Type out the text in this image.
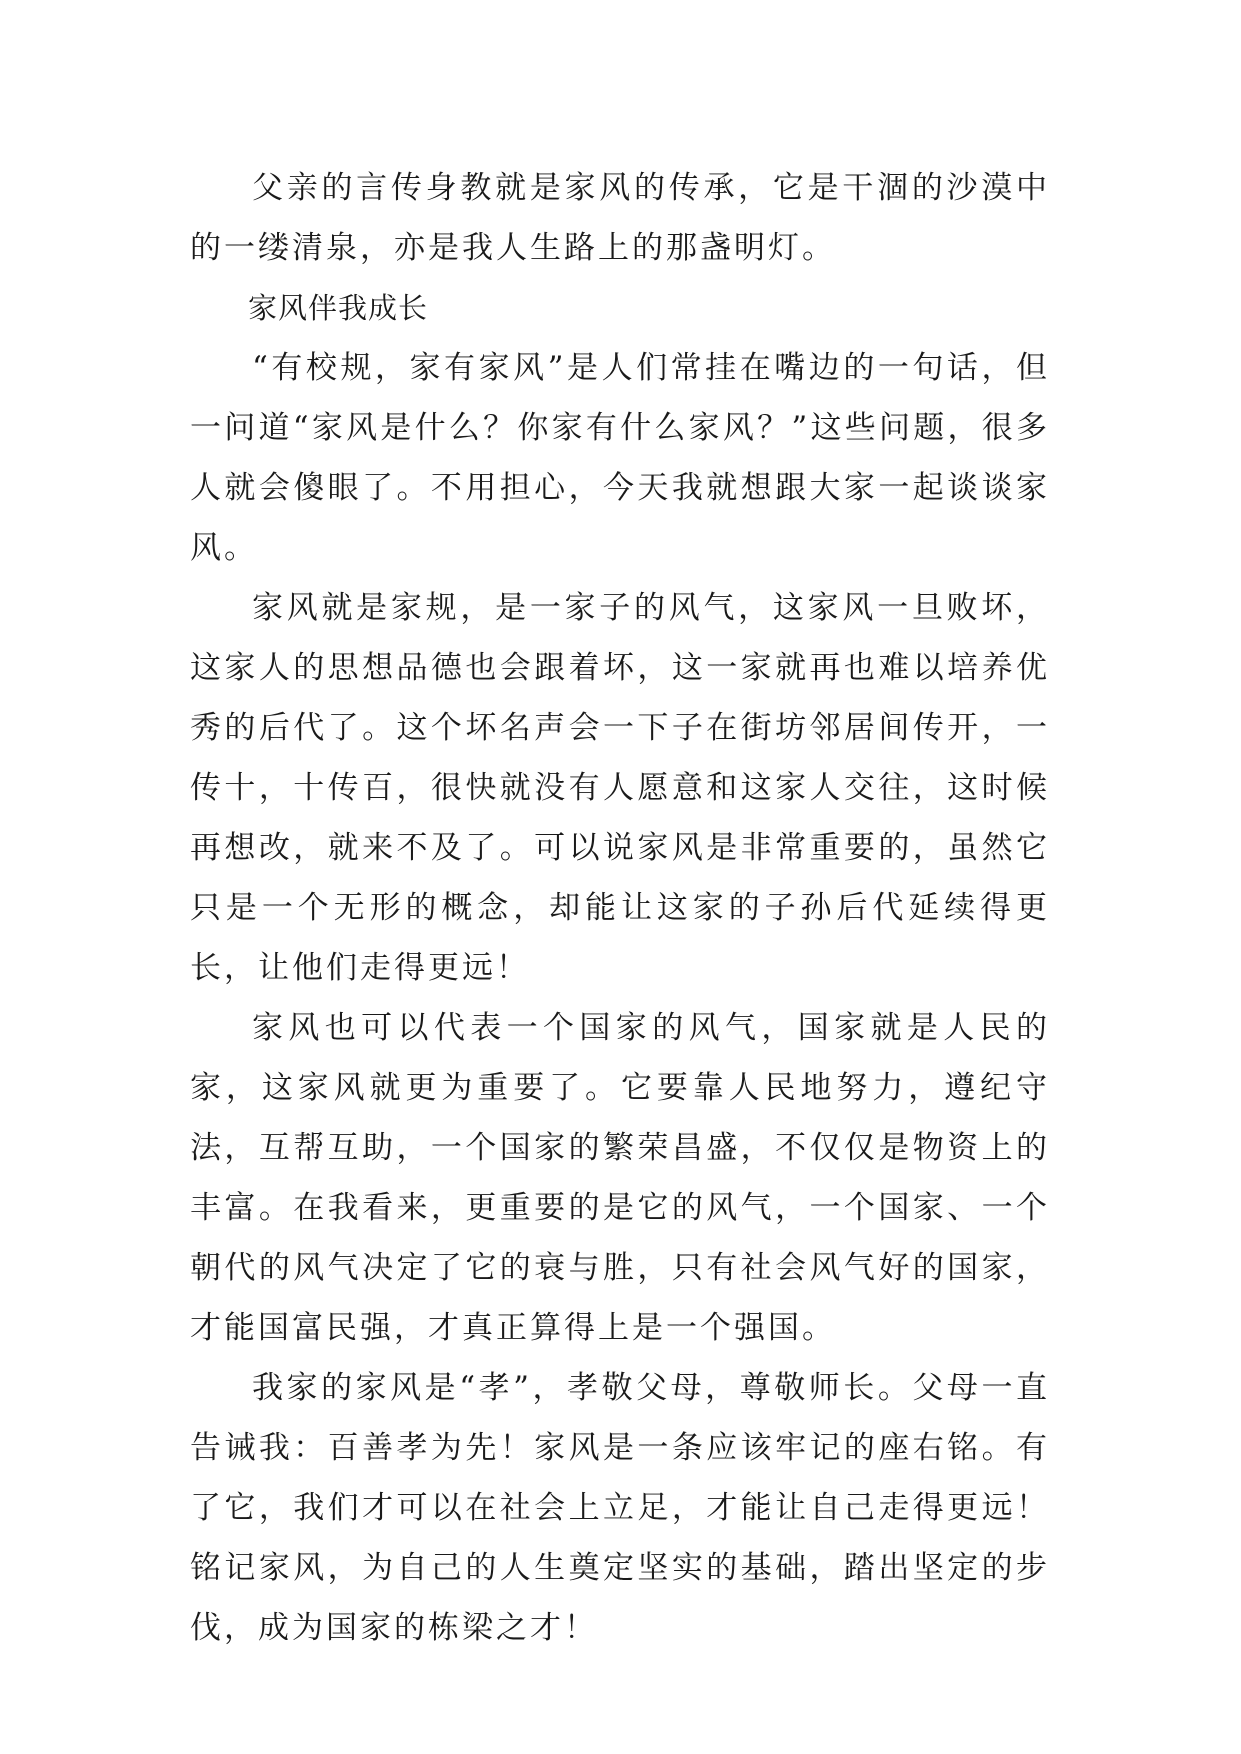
父亲的言传身教就是家风的传承，它是干涸的沙漠中的一缕清泉，亦是我人生路上的那盏明灯。

家风伴我成长

“有校规，家有家风”是人们常挂在嘴边的一句话，但一问道“家风是什么？你家有什么家风？”这些问题，很多人就会傻眼了。不用担心，今天我就想跟大家一起谈谈家风。

家风就是家规，是一家子的风气，这家风一旦败坏，这家人的思想品德也会跟着坏，这一家就再也难以培养优秀的后代了。这个坏名声会一下子在街坊邻居间传开，一传十，十传百，很快就没有人愿意和这家人交往，这时候再想改，就来不及了。可以说家风是非常重要的，虽然它只是一个无形的概念，却能让这家的子孙后代延续得更长，让他们走得更远！

家风也可以代表一个国家的风气，国家就是人民的家，这家风就更为重要了。它要靠人民地努力，遵纪守法，互帮互助，一个国家的繁荣昌盛，不仅仅是物资上的丰富。在我看来，更重要的是它的风气，一个国家、一个朝代的风气决定了它的衰与胜，只有社会风气好的国家，才能国富民强，才真正算得上是一个强国。

我家的家风是“孝”，孝敬父母，尊敬师长。父母一直告诫我：百善孝为先！家风是一条应该牢记的座右铭。有了它，我们才可以在社会上立足，才能让自己走得更远！铭记家风，为自己的人生奠定坚实的基础，踏出坚定的步伐，成为国家的栋梁之才！
